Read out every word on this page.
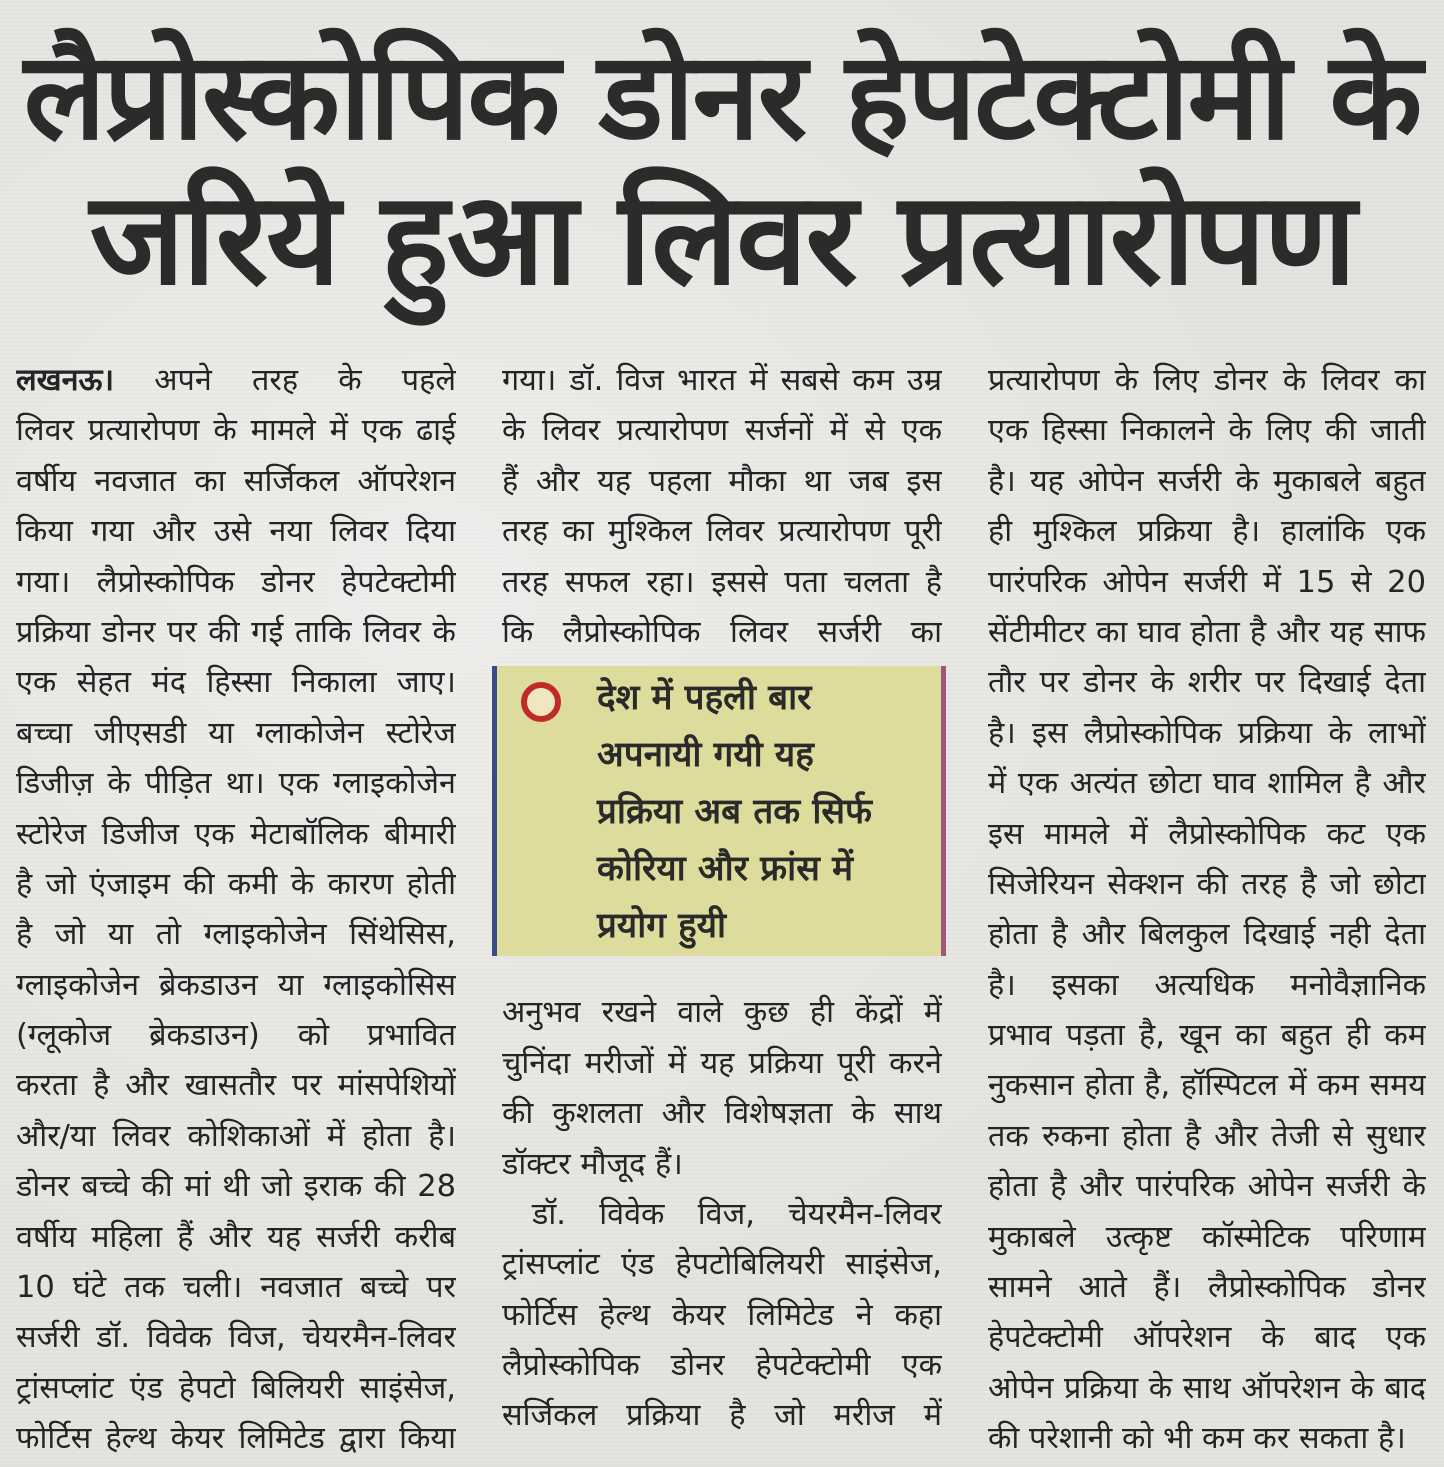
लैप्रोस्कोपिक डोनर हेपटेक्टोमी के
जरिये हुआ लिवर प्रत्यारोपण
लखनऊ। अपने तरह के पहले
लिवर प्रत्यारोपण के मामले में एक ढाई
वर्षीय नवजात का सर्जिकल ऑपरेशन
किया गया और उसे नया लिवर दिया
गया। लैप्रोस्कोपिक डोनर हेपटेक्टोमी
प्रक्रिया डोनर पर की गई ताकि लिवर के
एक सेहत मंद हिस्सा निकाला जाए।
बच्चा जीएसडी या ग्लाकोजेन स्टोरेज
डिजीज़ के पीड़ित था। एक ग्लाइकोजेन
स्टोरेज डिजीज एक मेटाबॉलिक बीमारी
है जो एंजाइम की कमी के कारण होती
है जो या तो ग्लाइकोजेन सिंथेसिस,
ग्लाइकोजेन ब्रेकडाउन या ग्लाइकोसिस
(ग्लूकोज ब्रेकडाउन) को प्रभावित
करता है और खासतौर पर मांसपेशियों
और/या लिवर कोशिकाओं में होता है।
डोनर बच्चे की मां थी जो इराक की 28
वर्षीय महिला हैं और यह सर्जरी करीब
10 घंटे तक चली। नवजात बच्चे पर
सर्जरी डॉ. विवेक विज, चेयरमैन-लिवर
ट्रांसप्लांट एंड हेपटो बिलियरी साइंसेज,
फोर्टिस हेल्थ केयर लिमिटेड द्वारा किया
गया। डॉ. विज भारत में सबसे कम उम्र
के लिवर प्रत्यारोपण सर्जनों में से एक
हैं और यह पहला मौका था जब इस
तरह का मुश्किल लिवर प्रत्यारोपण पूरी
तरह सफल रहा। इससे पता चलता है
कि लैप्रोस्कोपिक लिवर सर्जरी का
अनुभव रखने वाले कुछ ही केंद्रों में
चुनिंदा मरीजों में यह प्रक्रिया पूरी करने
की कुशलता और विशेषज्ञता के साथ
डॉक्टर मौजूद हैं।
डॉ. विवेक विज, चेयरमैन-लिवर
ट्रांसप्लांट एंड हेपटोबिलियरी साइंसेज,
फोर्टिस हेल्थ केयर लिमिटेड ने कहा
लैप्रोस्कोपिक डोनर हेपटेक्टोमी एक
सर्जिकल प्रक्रिया है जो मरीज में
देश में पहली बार
अपनायी गयी यह
प्रक्रिया अब तक सिर्फ
कोरिया और फ्रांस में
प्रयोग हुयी
प्रत्यारोपण के लिए डोनर के लिवर का
एक हिस्सा निकालने के लिए की जाती
है। यह ओपेन सर्जरी के मुकाबले बहुत
ही मुश्किल प्रक्रिया है। हालांकि एक
पारंपरिक ओपेन सर्जरी में 15 से 20
सेंटीमीटर का घाव होता है और यह साफ
तौर पर डोनर के शरीर पर दिखाई देता
है। इस लैप्रोस्कोपिक प्रक्रिया के लाभों
में एक अत्यंत छोटा घाव शामिल है और
इस मामले में लैप्रोस्कोपिक कट एक
सिजेरियन सेक्शन की तरह है जो छोटा
होता है और बिलकुल दिखाई नही देता
है। इसका अत्यधिक मनोवैज्ञानिक
प्रभाव पड़ता है, खून का बहुत ही कम
नुकसान होता है, हॉस्पिटल में कम समय
तक रुकना होता है और तेजी से सुधार
होता है और पारंपरिक ओपेन सर्जरी के
मुकाबले उत्कृष्ट कॉस्मेटिक परिणाम
सामने आते हैं। लैप्रोस्कोपिक डोनर
हेपटेक्टोमी ऑपरेशन के बाद एक
ओपेन प्रक्रिया के साथ ऑपरेशन के बाद
की परेशानी को भी कम कर सकता है।
